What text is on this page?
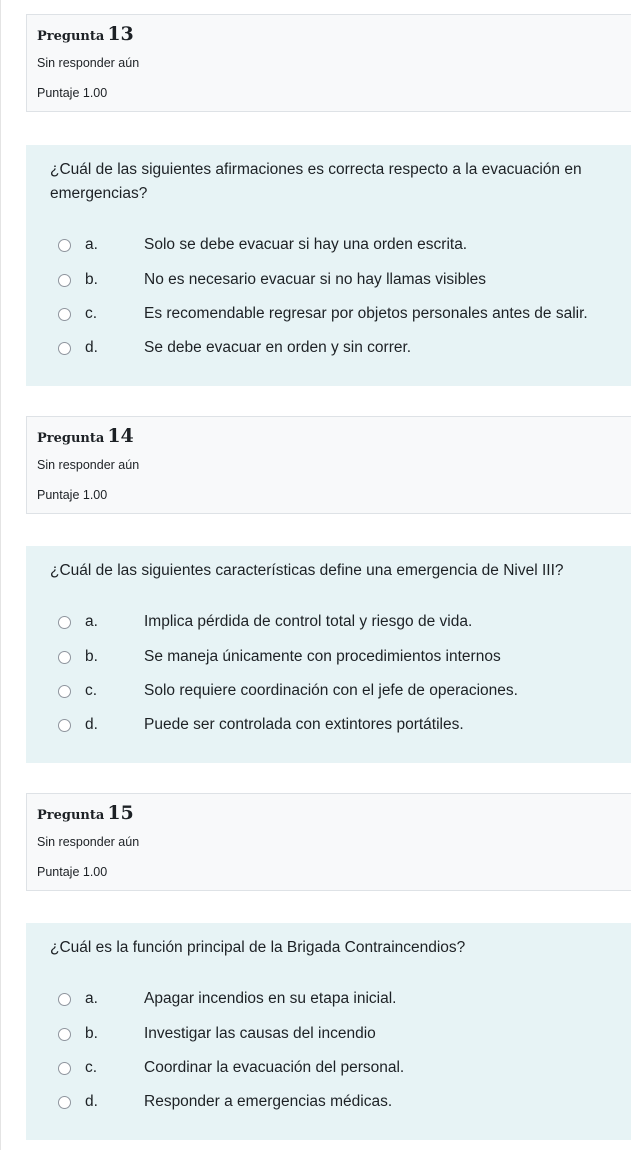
Pregunta 13
Sin responder aún
Puntaje 1.00
¿Cuál de las siguientes afirmaciones es correcta respecto a la evacuación en emergencias?
a.	Solo se debe evacuar si hay una orden escrita.
b.	No es necesario evacuar si no hay llamas visibles
c.	Es recomendable regresar por objetos personales antes de salir.
d.	Se debe evacuar en orden y sin correr.
Pregunta 14
Sin responder aún
Puntaje 1.00
¿Cuál de las siguientes características define una emergencia de Nivel III?
a.	Implica pérdida de control total y riesgo de vida.
b.	Se maneja únicamente con procedimientos internos
c.	Solo requiere coordinación con el jefe de operaciones.
d.	Puede ser controlada con extintores portátiles.
Pregunta 15
Sin responder aún
Puntaje 1.00
¿Cuál es la función principal de la Brigada Contraincendios?
a.	Apagar incendios en su etapa inicial.
b.	Investigar las causas del incendio
c.	Coordinar la evacuación del personal.
d.	Responder a emergencias médicas.
